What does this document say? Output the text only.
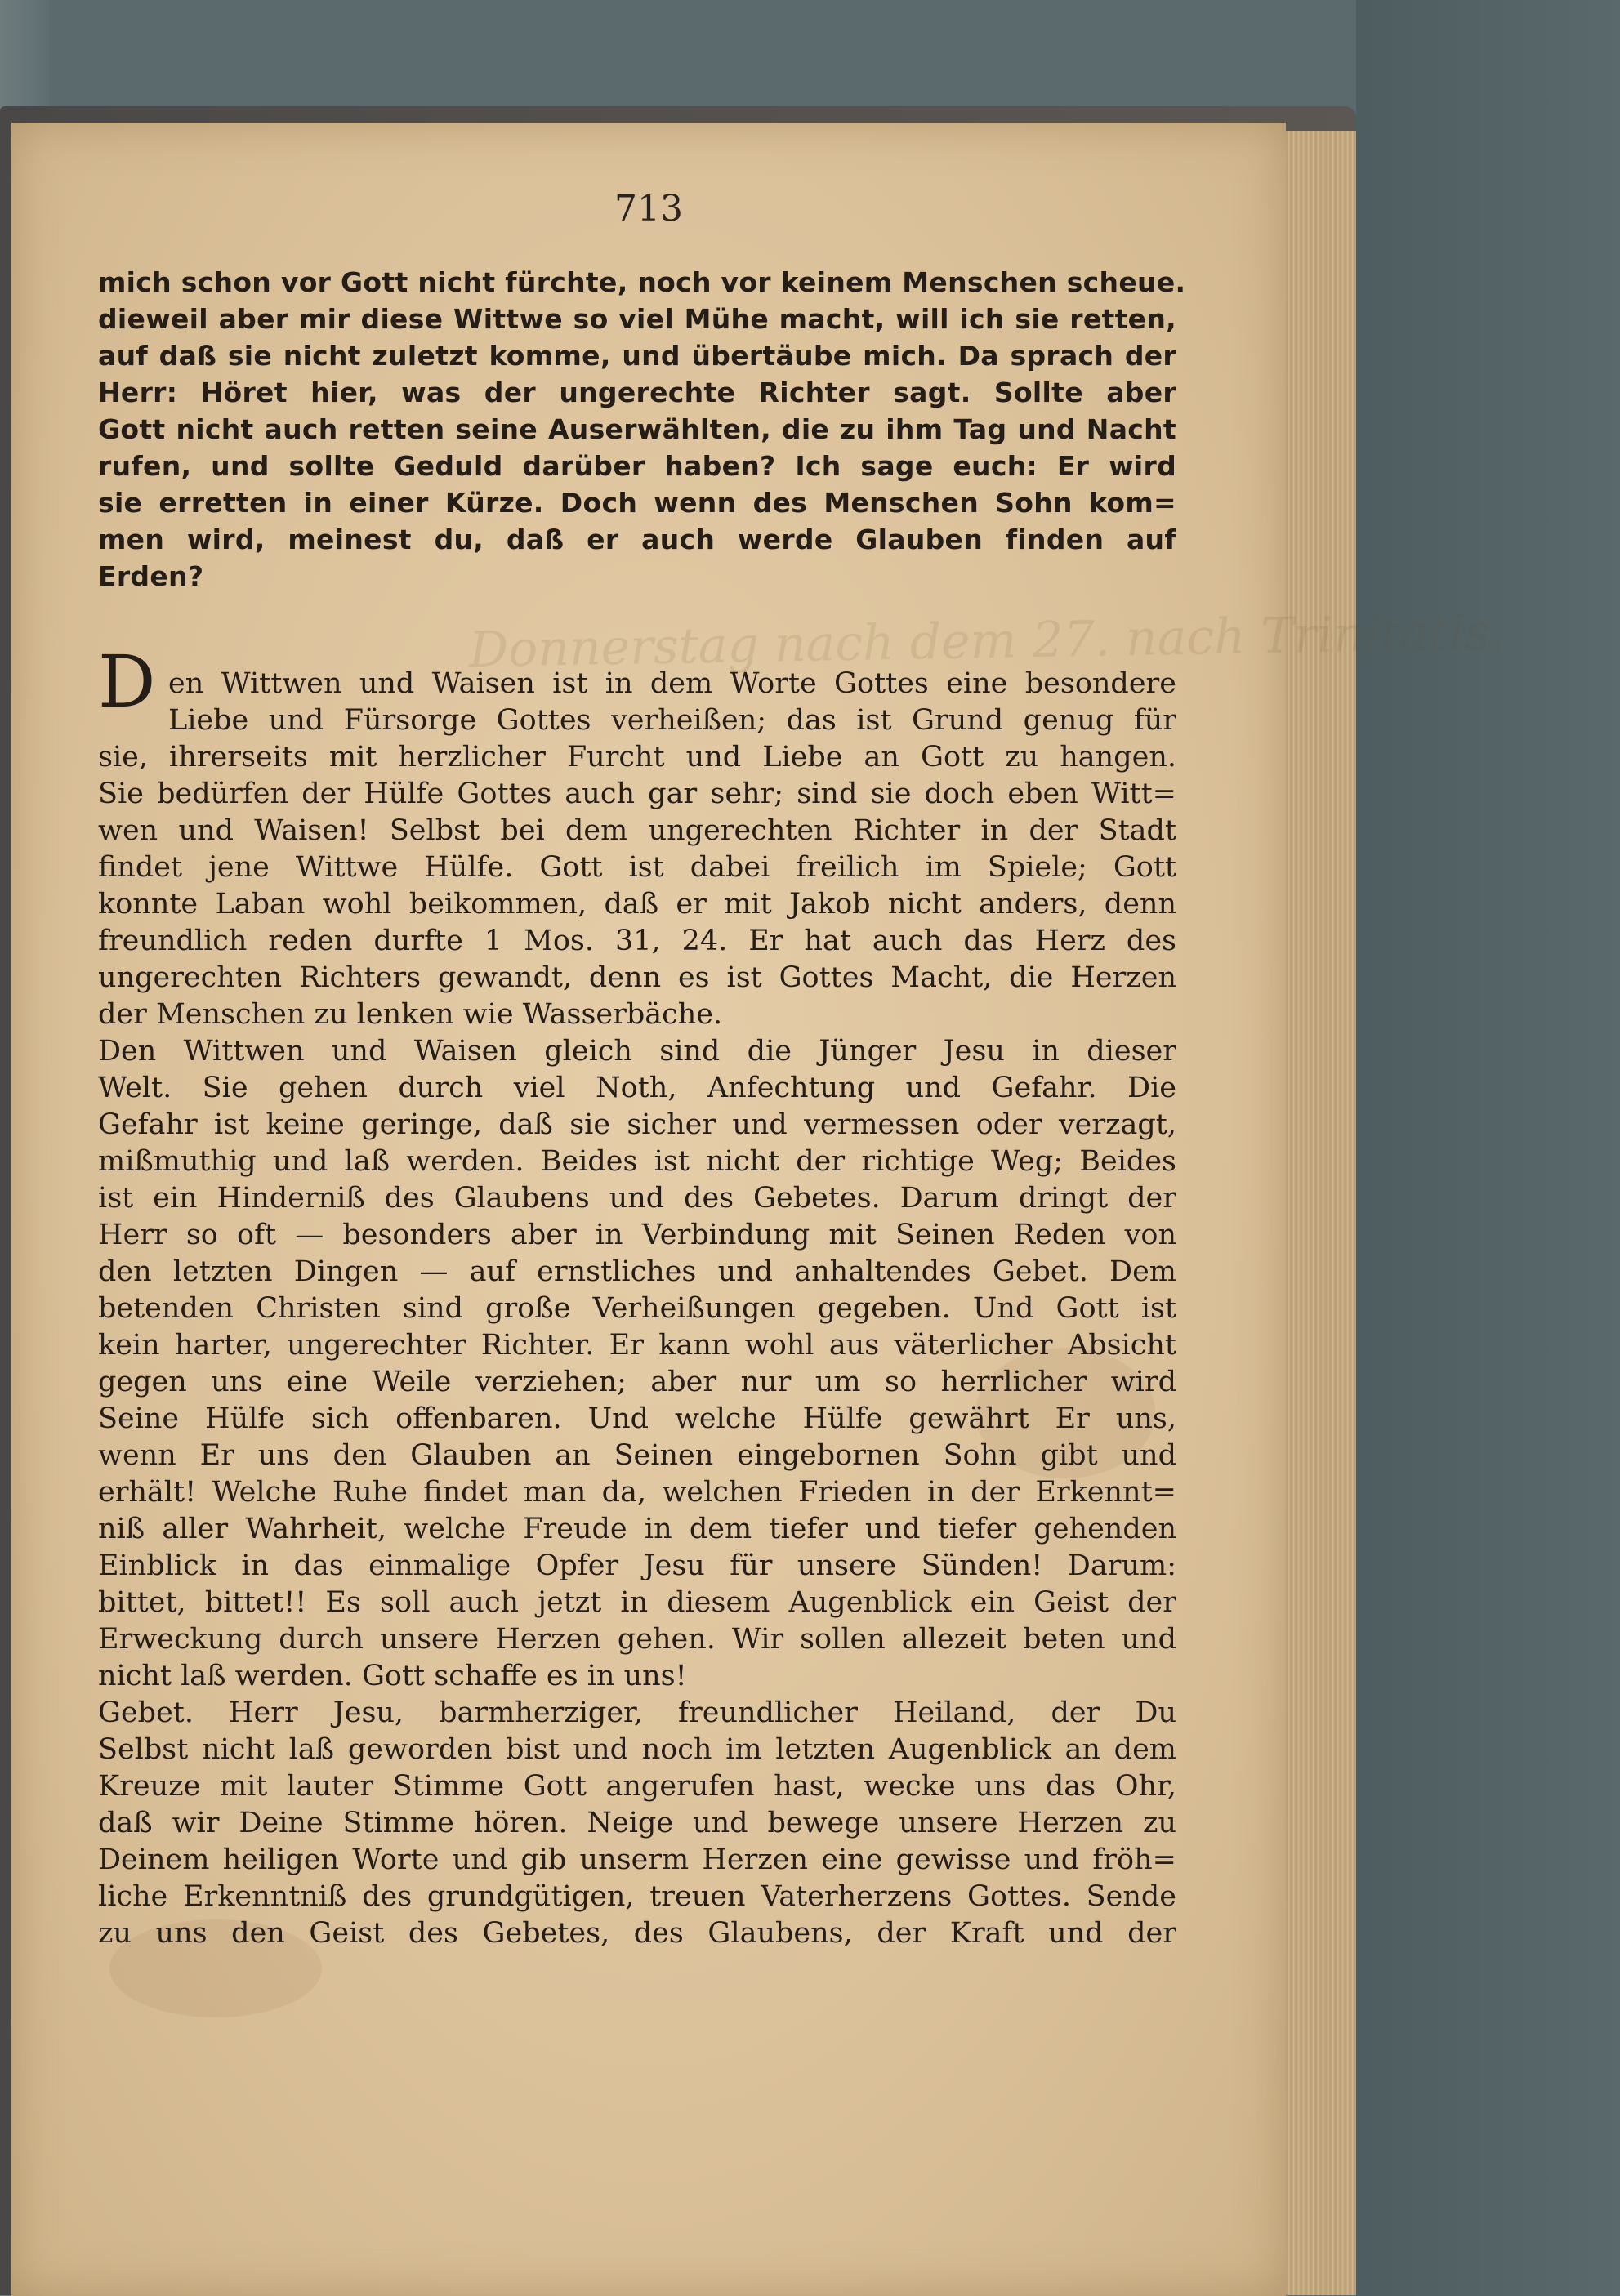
Donnerstag nach dem 27. nach Trinitatis.
713
mich schon vor Gott nicht fürchte, noch vor keinem Menschen scheue.
dieweil aber mir diese Wittwe so viel Mühe macht, will ich sie retten,
auf daß sie nicht zuletzt komme, und übertäube mich. Da sprach der
Herr: Höret hier, was der ungerechte Richter sagt. Sollte aber
Gott nicht auch retten seine Auserwählten, die zu ihm Tag und Nacht
rufen, und sollte Geduld darüber haben? Ich sage euch: Er wird
sie erretten in einer Kürze. Doch wenn des Menschen Sohn kom=
men wird, meinest du, daß er auch werde Glauben finden auf
Erden?
D en Wittwen und Waisen ist in dem Worte Gottes eine besondere
Liebe und Fürsorge Gottes verheißen; das ist Grund genug für
sie, ihrerseits mit herzlicher Furcht und Liebe an Gott zu hangen.
Sie bedürfen der Hülfe Gottes auch gar sehr; sind sie doch eben Witt=
wen und Waisen! Selbst bei dem ungerechten Richter in der Stadt
findet jene Wittwe Hülfe. Gott ist dabei freilich im Spiele; Gott
konnte Laban wohl beikommen, daß er mit Jakob nicht anders, denn
freundlich reden durfte 1 Mos. 31, 24. Er hat auch das Herz des
ungerechten Richters gewandt, denn es ist Gottes Macht, die Herzen
der Menschen zu lenken wie Wasserbäche.
Den Wittwen und Waisen gleich sind die Jünger Jesu in dieser
Welt. Sie gehen durch viel Noth, Anfechtung und Gefahr. Die
Gefahr ist keine geringe, daß sie sicher und vermessen oder verzagt,
mißmuthig und laß werden. Beides ist nicht der richtige Weg; Beides
ist ein Hinderniß des Glaubens und des Gebetes. Darum dringt der
Herr so oft — besonders aber in Verbindung mit Seinen Reden von
den letzten Dingen — auf ernstliches und anhaltendes Gebet. Dem
betenden Christen sind große Verheißungen gegeben. Und Gott ist
kein harter, ungerechter Richter. Er kann wohl aus väterlicher Absicht
gegen uns eine Weile verziehen; aber nur um so herrlicher wird
Seine Hülfe sich offenbaren. Und welche Hülfe gewährt Er uns,
wenn Er uns den Glauben an Seinen eingebornen Sohn gibt und
erhält! Welche Ruhe findet man da, welchen Frieden in der Erkennt=
niß aller Wahrheit, welche Freude in dem tiefer und tiefer gehenden
Einblick in das einmalige Opfer Jesu für unsere Sünden! Darum:
bittet, bittet!! Es soll auch jetzt in diesem Augenblick ein Geist der
Erweckung durch unsere Herzen gehen. Wir sollen allezeit beten und
nicht laß werden. Gott schaffe es in uns!
Gebet. Herr Jesu, barmherziger, freundlicher Heiland, der Du
Selbst nicht laß geworden bist und noch im letzten Augenblick an dem
Kreuze mit lauter Stimme Gott angerufen hast, wecke uns das Ohr,
daß wir Deine Stimme hören. Neige und bewege unsere Herzen zu
Deinem heiligen Worte und gib unserm Herzen eine gewisse und fröh=
liche Erkenntniß des grundgütigen, treuen Vaterherzens Gottes. Sende
zu uns den Geist des Gebetes, des Glaubens, der Kraft und der
